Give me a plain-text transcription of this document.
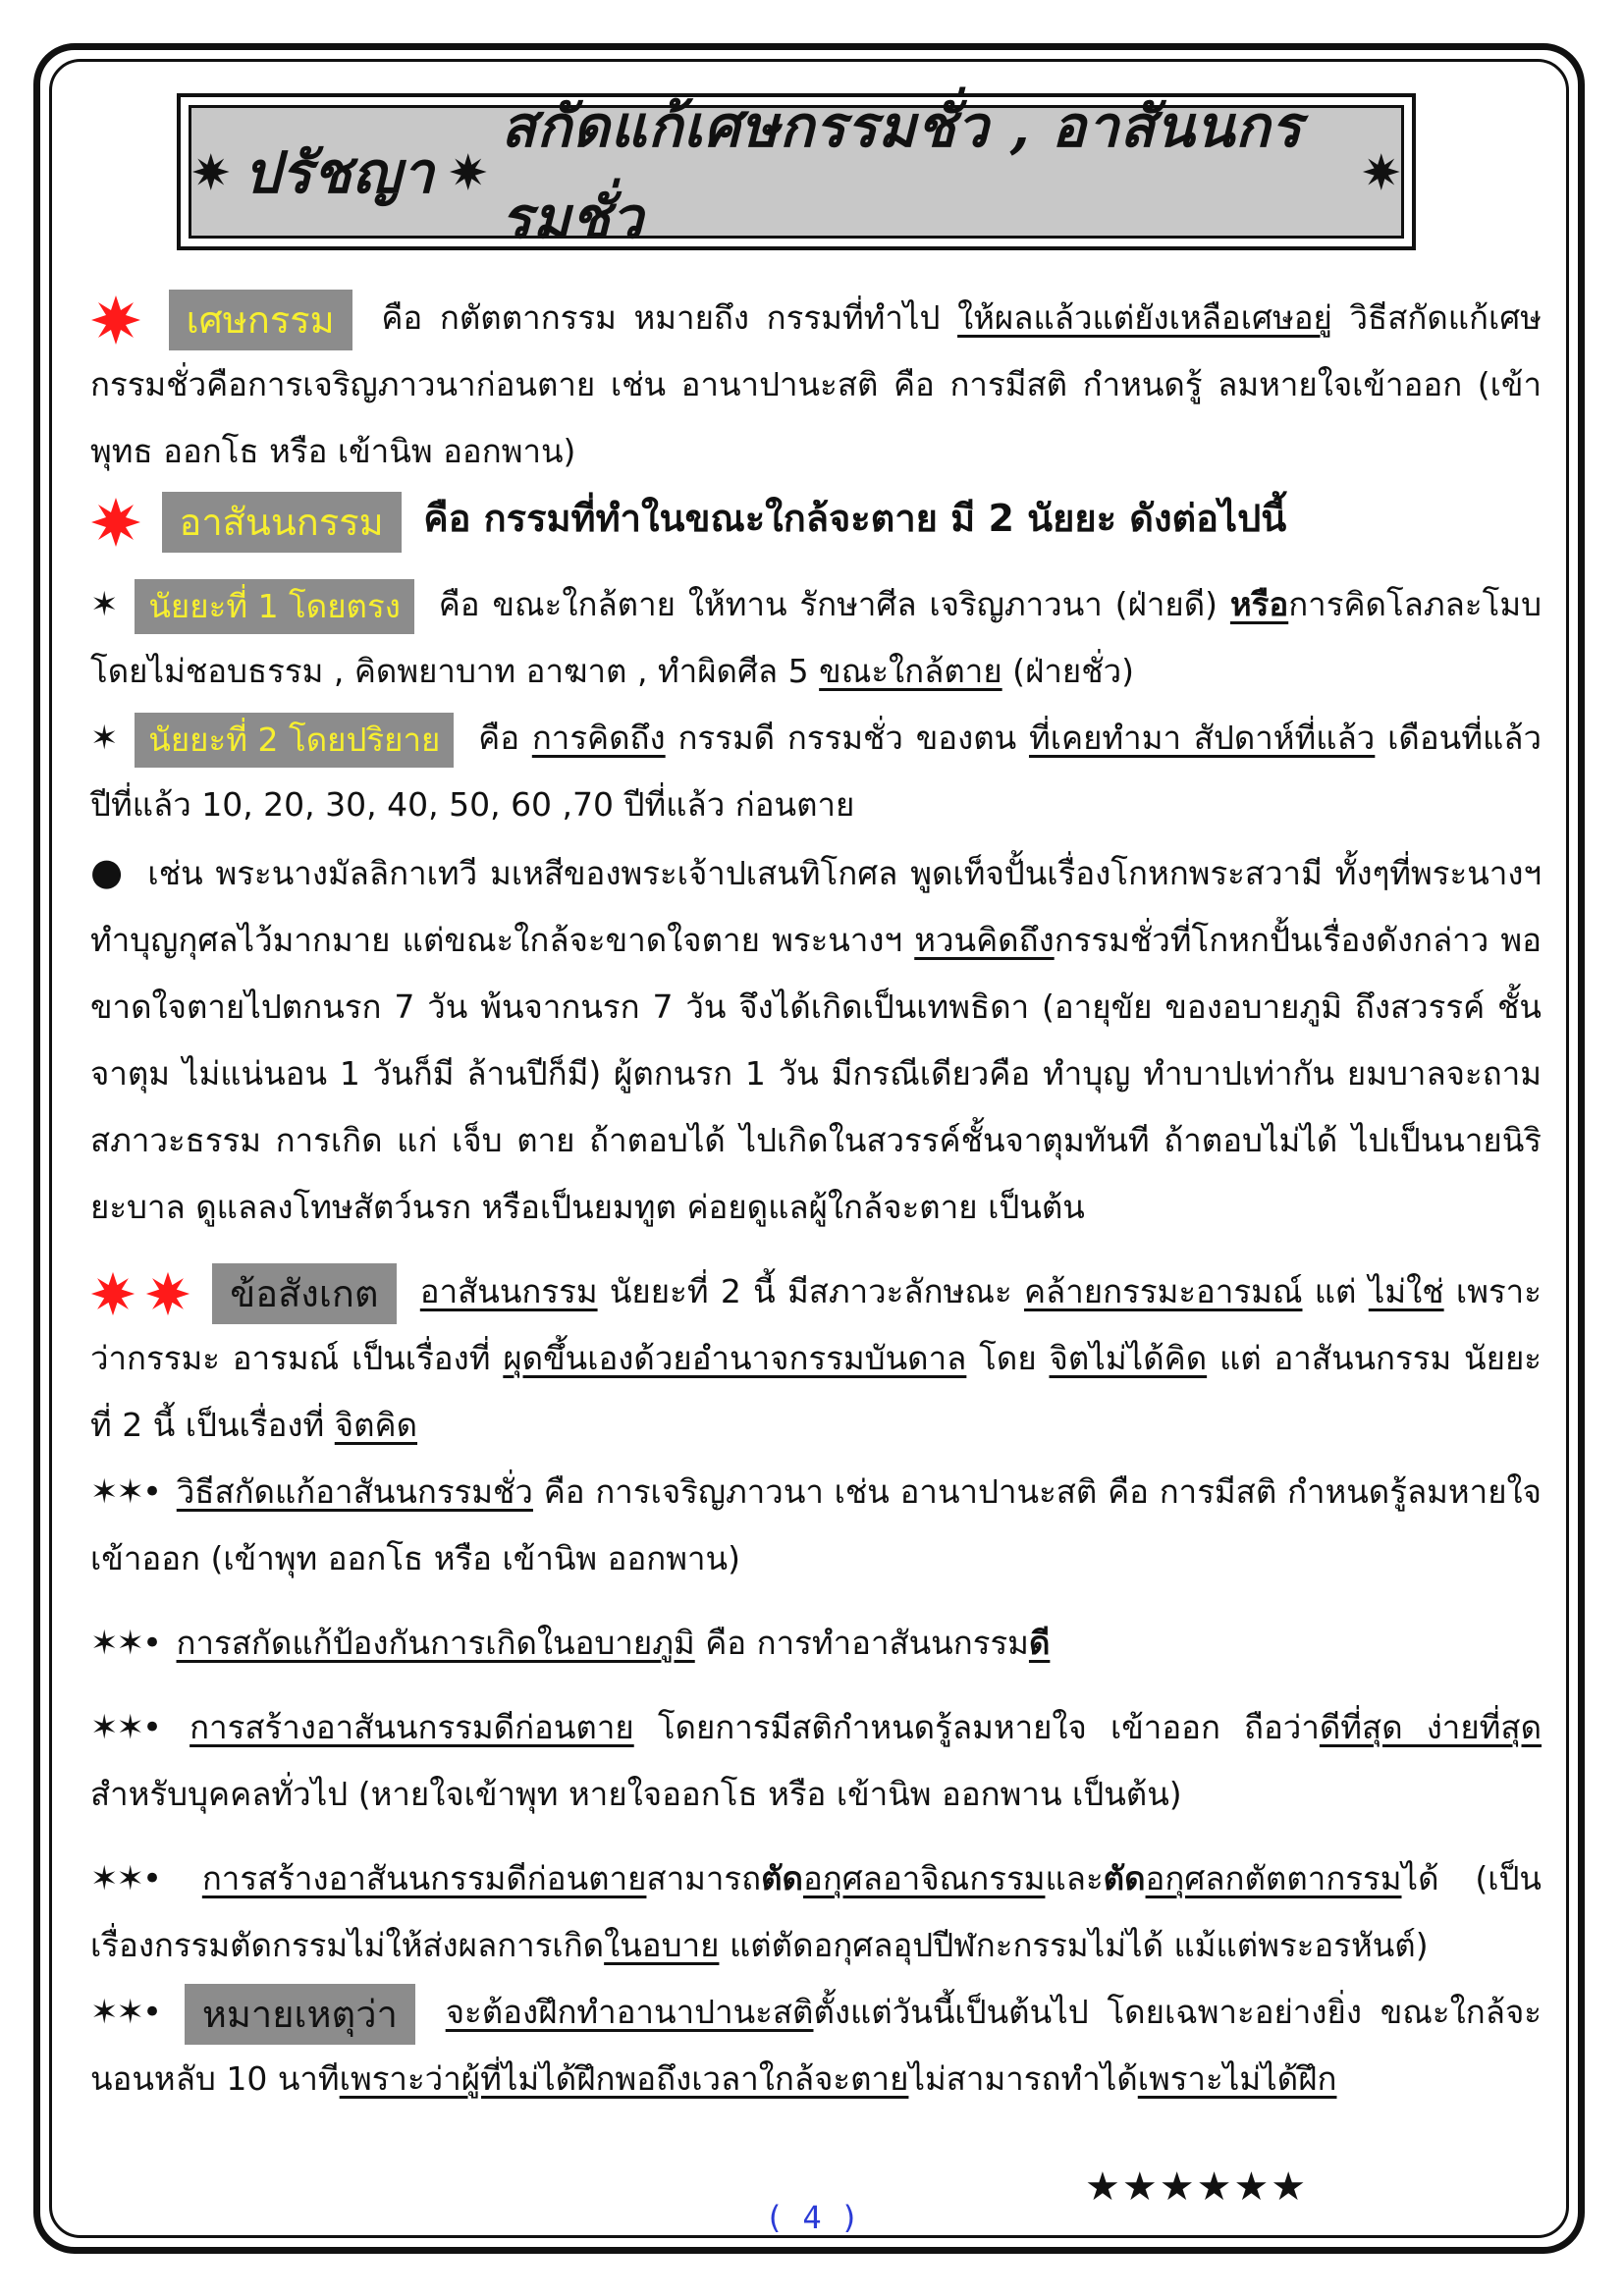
ปรัชญา
สกัดแก้เศษกรรมชั่ว , อาสันนกรรมชั่ว

เศษกรรม คือ กตัตตากรรม หมายถึง กรรมที่ทำไป ให้ผลแล้วแต่ยังเหลือเศษอยู่ วิธีสกัดแก้เศษกรรมชั่วคือการเจริญภาวนาก่อนตาย เช่น อานาปานะสติ คือ การมีสติ กำหนดรู้ ลมหายใจเข้าออก (เข้าพุทธ ออกโธ หรือ เข้านิพ ออกพาน)

อาสันนกรรม คือ กรรมที่ทำในขณะใกล้จะตาย มี 2 นัยยะ ดังต่อไปนี้

✶ นัยยะที่ 1 โดยตรง คือ ขณะใกล้ตาย ให้ทาน รักษาศีล เจริญภาวนา (ฝ่ายดี) หรือการคิดโลภละโมบ โดยไม่ชอบธรรม , คิดพยาบาท อาฆาต , ทำผิดศีล 5 ขณะใกล้ตาย (ฝ่ายชั่ว)

✶ นัยยะที่ 2 โดยปริยาย คือ การคิดถึง กรรมดี กรรมชั่ว ของตน ที่เคยทำมา สัปดาห์ที่แล้ว เดือนที่แล้ว ปีที่แล้ว 10, 20, 30, 40, 50, 60 ,70 ปีที่แล้ว ก่อนตาย

● เช่น พระนางมัลลิกาเทวี มเหสีของพระเจ้าปเสนทิโกศล พูดเท็จปั้นเรื่องโกหกพระสวามี ทั้งๆที่พระนางฯ ทำบุญกุศลไว้มากมาย แต่ขณะใกล้จะขาดใจตาย พระนางฯ หวนคิดถึงกรรมชั่วที่โกหกปั้นเรื่องดังกล่าว พอขาดใจตายไปตกนรก 7 วัน พ้นจากนรก 7 วัน จึงได้เกิดเป็นเทพธิดา (อายุขัย ของอบายภูมิ ถึงสวรรค์ ชั้นจาตุม ไม่แน่นอน 1 วันก็มี ล้านปีก็มี) ผู้ตกนรก 1 วัน มีกรณีเดียวคือ ทำบุญ ทำบาปเท่ากัน ยมบาลจะถามสภาวะธรรม การเกิด แก่ เจ็บ ตาย ถ้าตอบได้ ไปเกิดในสวรรค์ชั้นจาตุมทันที ถ้าตอบไม่ได้ ไปเป็นนายนิริยะบาล ดูแลลงโทษสัตว์นรก หรือเป็นยมทูต ค่อยดูแลผู้ใกล้จะตาย เป็นต้น

ข้อสังเกต อาสันนกรรม นัยยะที่ 2 นี้ มีสภาวะลักษณะ คล้ายกรรมะอารมณ์ แต่ ไม่ใช่ เพราะว่ากรรมะ อารมณ์ เป็นเรื่องที่ ผุดขึ้นเองด้วยอำนาจกรรมบันดาล โดย จิตไม่ได้คิด แต่ อาสันนกรรม นัยยะที่ 2 นี้ เป็นเรื่องที่ จิตคิด

✶✶• วิธีสกัดแก้อาสันนกรรมชั่ว คือ การเจริญภาวนา เช่น อานาปานะสติ คือ การมีสติ กำหนดรู้ลมหายใจเข้าออก (เข้าพุท ออกโธ หรือ เข้านิพ ออกพาน)

✶✶• การสกัดแก้ป้องกันการเกิดในอบายภูมิ คือ การทำอาสันนกรรมดี

✶✶• การสร้างอาสันนกรรมดีก่อนตาย โดยการมีสติกำหนดรู้ลมหายใจ เข้าออก ถือว่าดีที่สุด ง่ายที่สุด สำหรับบุคคลทั่วไป (หายใจเข้าพุท หายใจออกโธ หรือ เข้านิพ ออกพาน เป็นต้น)

✶✶• การสร้างอาสันนกรรมดีก่อนตายสามารถตัดอกุศลอาจิณกรรมและตัดอกุศลกตัตตากรรมได้ (เป็นเรื่องกรรมตัดกรรมไม่ให้ส่งผลการเกิดในอบาย แต่ตัดอกุศลอุปปีฬกะกรรมไม่ได้ แม้แต่พระอรหันต์)

✶✶• หมายเหตุว่า จะต้องฝึกทำอานาปานะสติตั้งแต่วันนี้เป็นต้นไป โดยเฉพาะอย่างยิ่ง ขณะใกล้จะนอนหลับ 10 นาทีเพราะว่าผู้ที่ไม่ได้ฝึกพอถึงเวลาใกล้จะตายไม่สามารถทำได้เพราะไม่ได้ฝึก

★★★★★★
( 4 )
